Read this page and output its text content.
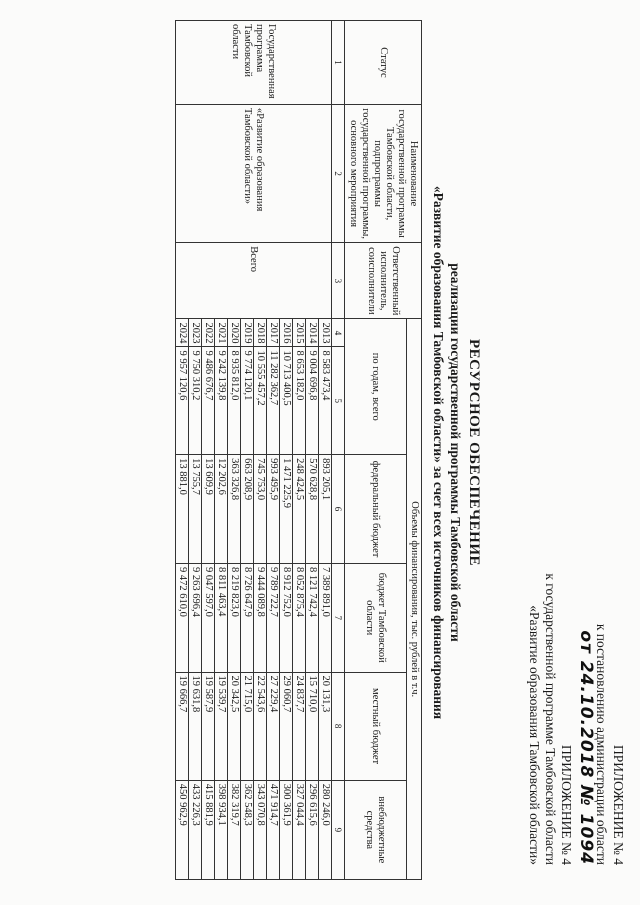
ПРИЛОЖЕНИЕ № 4
к постановлению администрации области
от 24.10.2018 № 1094
ПРИЛОЖЕНИЕ № 4
к государственной программе Тамбовской области
«Развитие образования Тамбовской области»
РЕСУРСНОЕ ОБЕСПЕЧЕНИЕ
реализации государственной программы Тамбовской области
«Развитие образования Тамбовской области» за счет всех источников финансирования
Статус	Наименование государственной программы Тамбовской области, подпрограммы государственной программы, основного мероприятия	Ответственный исполнитель, соисполнители	Объемы финансирования, тыс. рублей в т.ч.					
			по годам, всего		федеральный бюджет	бюджет Тамбовской области	местный бюджет	внебюджетные средства
1	2	3	4	5	6	7	8	9
Государственная программа Тамбовской области	«Развитие образования Тамбовской области»	Всего	2013	8 583 473,4	893 205,1	7 389 891,0	20 131,3	280 246,0
			2014	9 004 696,8	570 628,8	8 121 742,4	15 710,0	296 615,6
			2015	8 653 182,0	248 424,5	8 052 875,4	24 837,7	327 044,4
			2016	10 713 400,5	1 471 225,9	8 912 752,0	29 060,7	300 361,9
			2017	11 282 362,7	993 495,9	9 789 722,7	27 229,4	471 914,7
			2018	10 555 457,2	745 753,0	9 444 089,8	22 543,6	343 070,8
			2019	9 774 120,1	663 208,9	8 726 647,9	21 715,0	362 548,3
			2020	8 935 812,0	363 326,8	8 219 823,0	20 342,5	382 319,7
			2021	9 242 139,8	12 202,6	8 811 463,4	19 539,7	398 934,1
			2022	9 486 676,7	13 609,9	9 047 597,0	19 587,9	415 881,9
			2023	9 750 310,2	13 755,7	9 263 696,4	19 631,8	433 226,3
			2024	9 957 120,6	13 881,0	9 472 610,0	19 666,7	450 962,9
